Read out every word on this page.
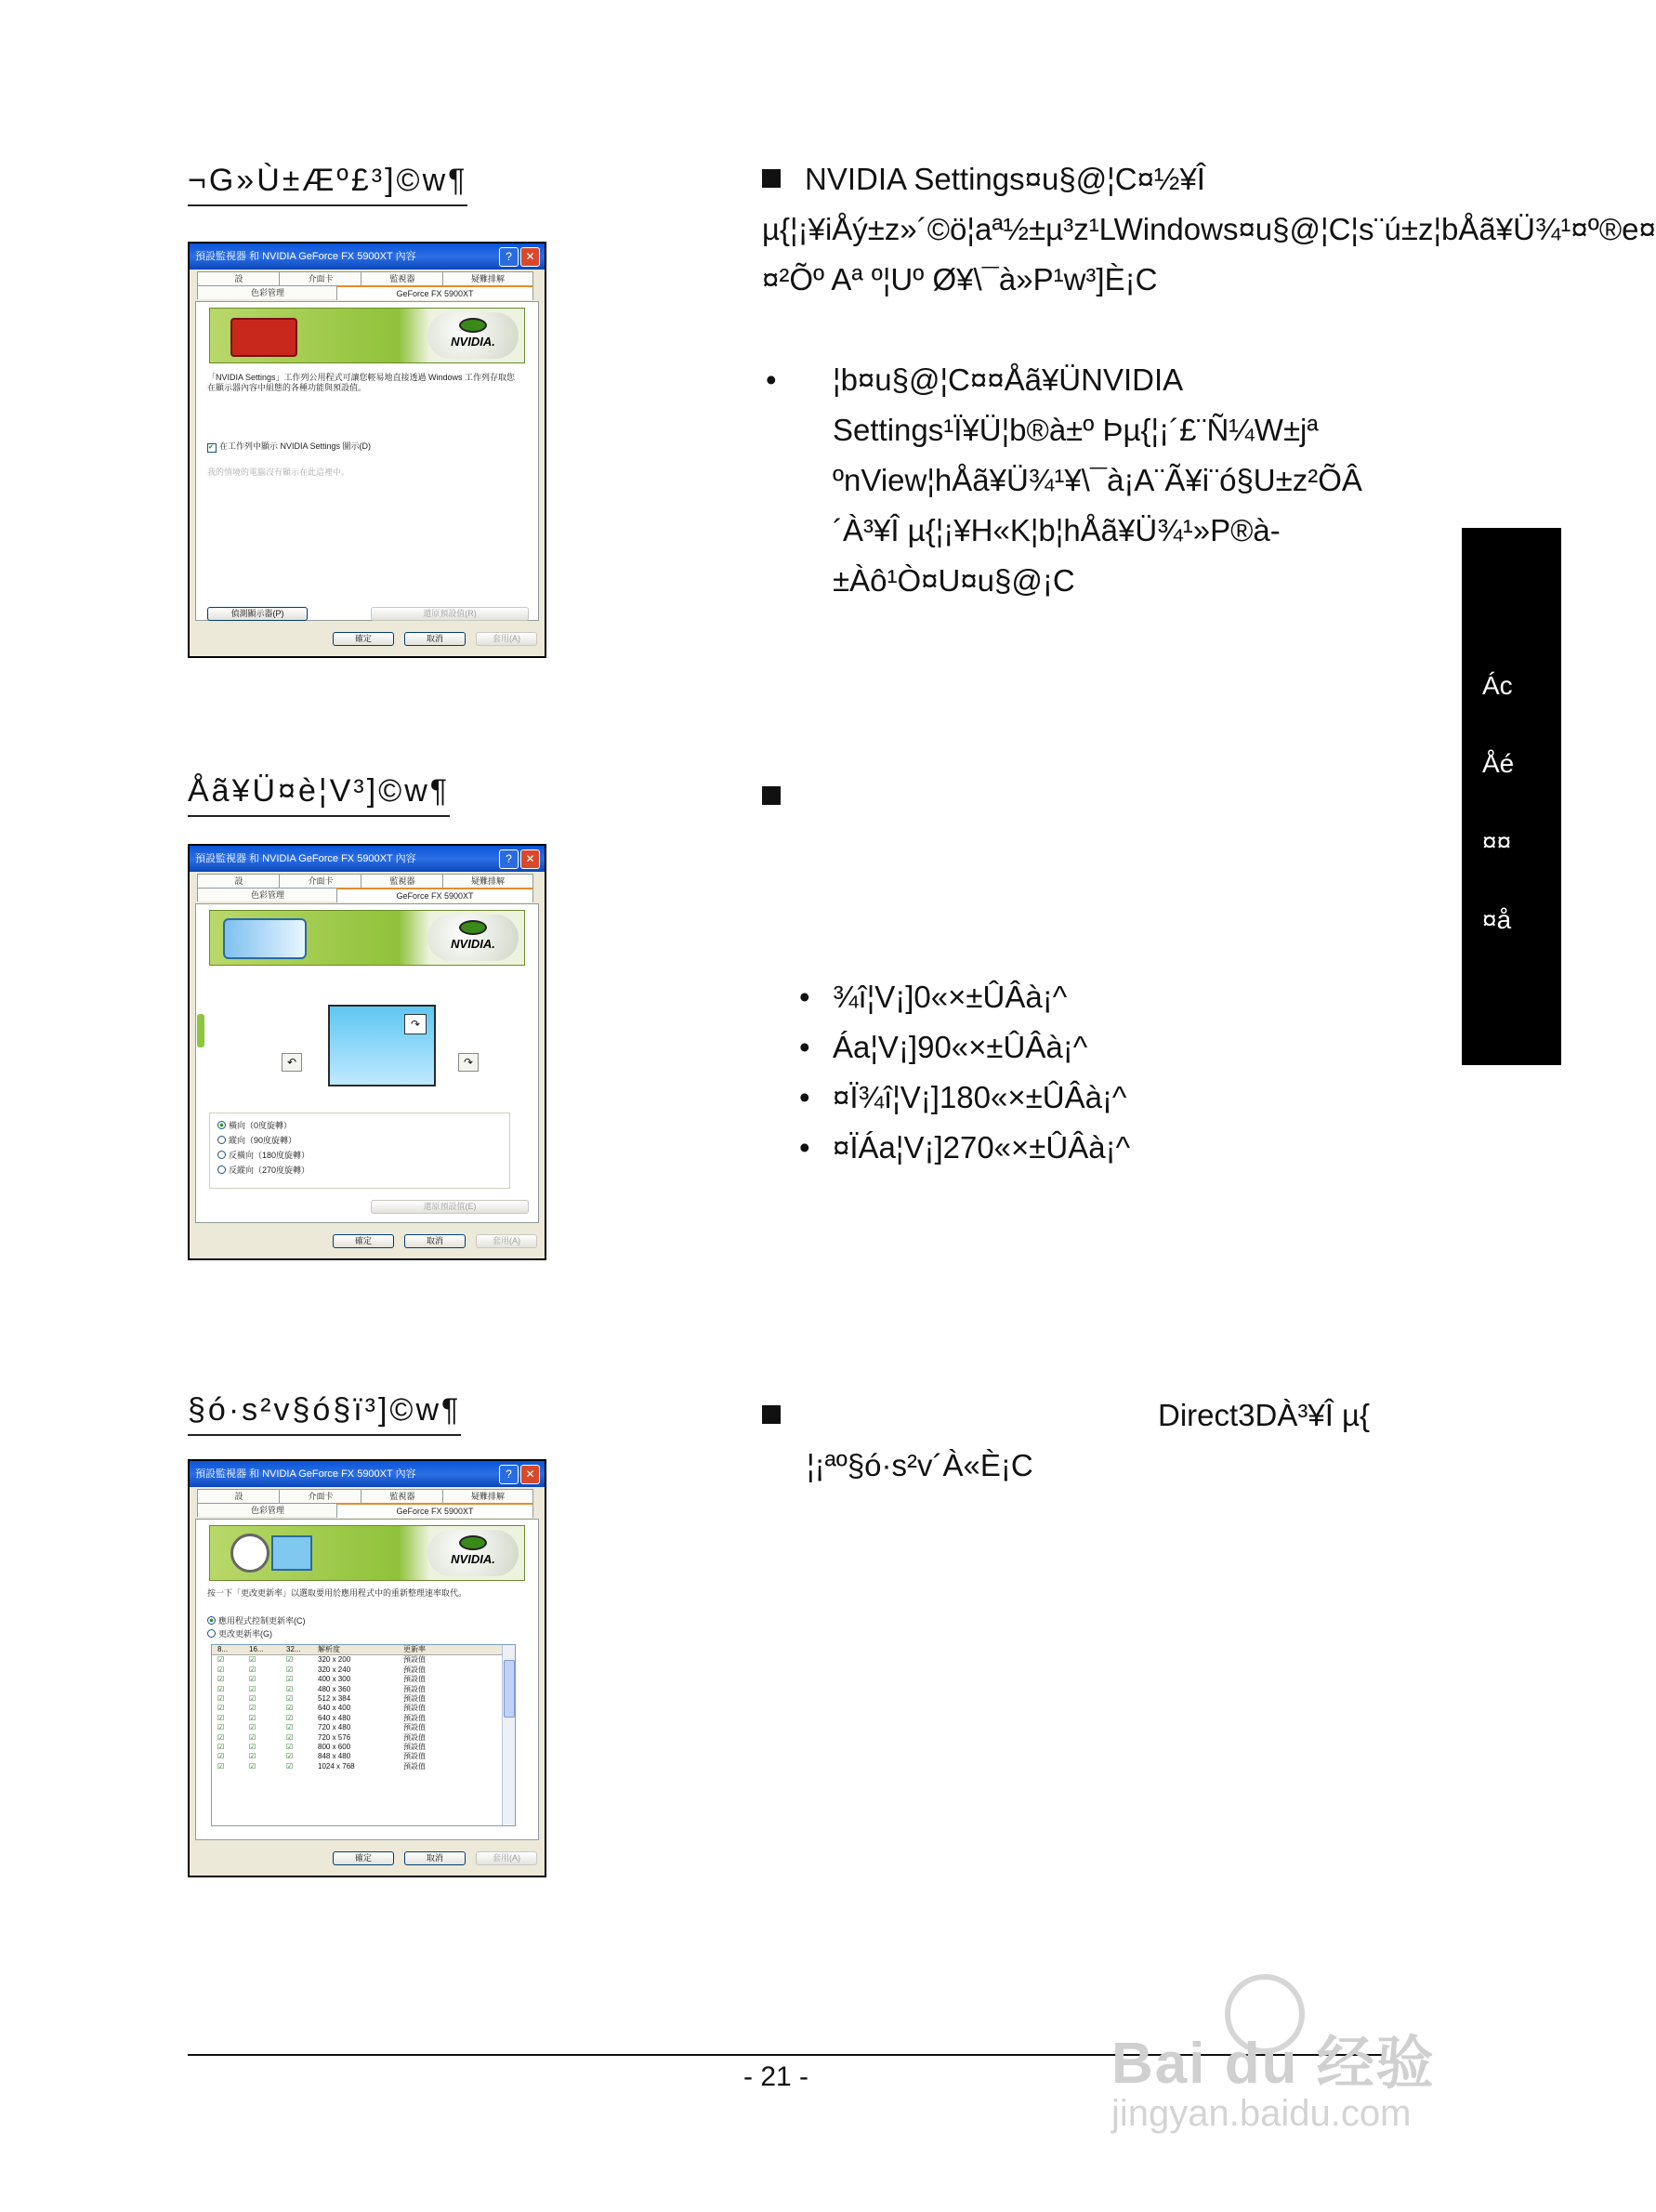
¬G»Ù±Æº£³]©w¶
預設監視器 和 NVIDIA GeForce FX 5900XT 內容	?	✕
設	介面卡	監視器	疑難排解
色彩管理	GeForce FX 5900XT
NVIDIA.
「NVIDIA Settings」工作列公用程式可讓您輕易地直接透過 Windows 工作列存取您在顯示器內容中組態的各種功能與預設值。
✔ 在工作列中顯示 NVIDIA Settings 圖示(D)
我的情境的電腦沒有顯示在此這裡中。
偵測顯示器(P)	還原預設值(R)
確定	取消	套用(A)
NVIDIA Settings¤u§@¦C¤½¥Î µ{¦¡¥iÅý±z»´©ö¦aª½±µ³z¹LWindows¤u§@¦C¦s¨ú±z¦bÅã¥Ü¾¹¤º®e¤¤²Õº Aª º¦Uº Ø¥\¯à»P¹w³]È¡C
• ¦b¤u§@¦C¤¤Åã¥ÜNVIDIA Settings¹Ï¥Ü¦b®à±º Þµ{¦¡´£¨Ñ¼W±jª ºnView¦hÅã¥Ü¾¹¥\¯à¡A¨Ã¥i¨ó§U±z²ÕÂ´À³¥Î µ{¦¡¥H«K¦b¦hÅã¥Ü¾¹»P®à±Àô¹Ò¤U¤u§@¡C
Åã¥Ü¤è¦V³]©w¶
預設監視器 和 NVIDIA GeForce FX 5900XT 內容	?	✕
設	介面卡	監視器	疑難排解
色彩管理	GeForce FX 5900XT
NVIDIA.
↶
↷
↷
橫向（0度旋轉）
縱向（90度旋轉）
反橫向（180度旋轉）
反縱向（270度旋轉）
還原預設值(E)
確定	取消	套用(A)
• ¾î¦V¡]0«×±ÛÂà¡^
• Áa¦V¡]90«×±ÛÂà¡^
• ¤Ï¾î¦V¡]180«×±ÛÂà¡^
• ¤ÏÁa¦V¡]270«×±ÛÂà¡^
§ó·s²v§ó§ï³]©w¶
預設監視器 和 NVIDIA GeForce FX 5900XT 內容	?	✕
設	介面卡	監視器	疑難排解
色彩管理	GeForce FX 5900XT
NVIDIA.
按一下「更改更新率」以選取要用於應用程式中的重新整理速率取代。
應用程式控制更新率(C)
更改更新率(G)
8...	16...	32...	解析度	更新率
☑	☑	☑	320 x 200	預設值
☑	☑	☑	320 x 240	預設值
☑	☑	☑	400 x 300	預設值
☑	☑	☑	480 x 360	預設值
☑	☑	☑	512 x 384	預設值
☑	☑	☑	640 x 400	預設值
☑	☑	☑	640 x 480	預設值
☑	☑	☑	720 x 480	預設值
☑	☑	☑	720 x 576	預設值
☑	☑	☑	800 x 600	預設值
☑	☑	☑	848 x 480	預設值
☑	☑	☑	1024 x 768	預設值
確定	取消	套用(A)
Direct3DÀ³¥Î µ{
¦¡ªº§ó·s²v´À«È¡C
Ác
Åé
¤¤
¤å
- 21 -	Bai du 经验
jingyan.baidu.com
